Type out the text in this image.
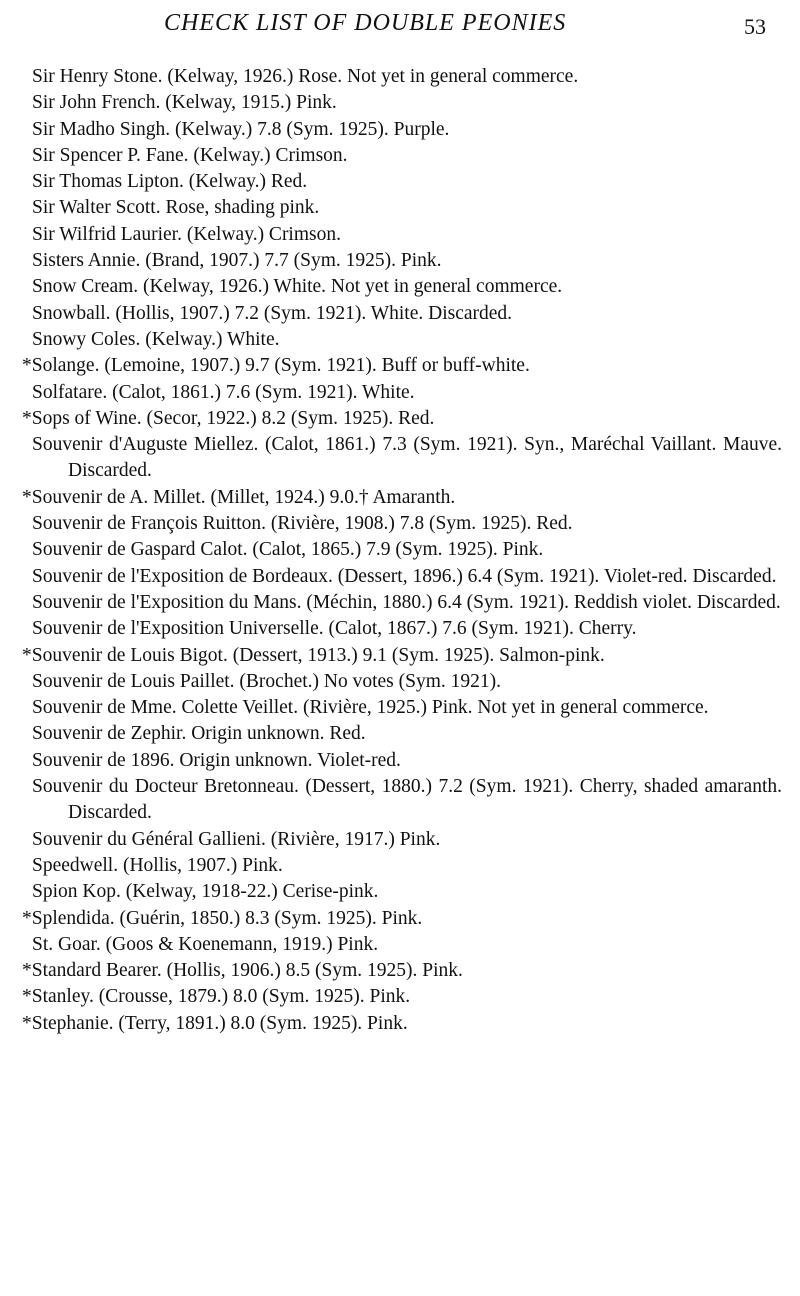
CHECK LIST OF DOUBLE PEONIES	53
Sir Henry Stone. (Kelway, 1926.) Rose. Not yet in general commerce.
Sir John French. (Kelway, 1915.) Pink.
Sir Madho Singh. (Kelway.) 7.8 (Sym. 1925). Purple.
Sir Spencer P. Fane. (Kelway.) Crimson.
Sir Thomas Lipton. (Kelway.) Red.
Sir Walter Scott. Rose, shading pink.
Sir Wilfrid Laurier. (Kelway.) Crimson.
Sisters Annie. (Brand, 1907.) 7.7 (Sym. 1925). Pink.
Snow Cream. (Kelway, 1926.) White. Not yet in general commerce.
Snowball. (Hollis, 1907.) 7.2 (Sym. 1921). White. Discarded.
Snowy Coles. (Kelway.) White.
*Solange. (Lemoine, 1907.) 9.7 (Sym. 1921). Buff or buff-white.
Solfatare. (Calot, 1861.) 7.6 (Sym. 1921). White.
*Sops of Wine. (Secor, 1922.) 8.2 (Sym. 1925). Red.
Souvenir d'Auguste Miellez. (Calot, 1861.) 7.3 (Sym. 1921). Syn., Maréchal Vaillant. Mauve. Discarded.
*Souvenir de A. Millet. (Millet, 1924.) 9.0.† Amaranth.
Souvenir de François Ruitton. (Rivière, 1908.) 7.8 (Sym. 1925). Red.
Souvenir de Gaspard Calot. (Calot, 1865.) 7.9 (Sym. 1925). Pink.
Souvenir de l'Exposition de Bordeaux. (Dessert, 1896.) 6.4 (Sym. 1921). Violet-red. Discarded.
Souvenir de l'Exposition du Mans. (Méchin, 1880.) 6.4 (Sym. 1921). Reddish violet. Discarded.
Souvenir de l'Exposition Universelle. (Calot, 1867.) 7.6 (Sym. 1921). Cherry.
*Souvenir de Louis Bigot. (Dessert, 1913.) 9.1 (Sym. 1925). Salmon-pink.
Souvenir de Louis Paillet. (Brochet.) No votes (Sym. 1921).
Souvenir de Mme. Colette Veillet. (Rivière, 1925.) Pink. Not yet in general commerce.
Souvenir de Zephir. Origin unknown. Red.
Souvenir de 1896. Origin unknown. Violet-red.
Souvenir du Docteur Bretonneau. (Dessert, 1880.) 7.2 (Sym. 1921). Cherry, shaded amaranth. Discarded.
Souvenir du Général Gallieni. (Rivière, 1917.) Pink.
Speedwell. (Hollis, 1907.) Pink.
Spion Kop. (Kelway, 1918-22.) Cerise-pink.
*Splendida. (Guérin, 1850.) 8.3 (Sym. 1925). Pink.
St. Goar. (Goos & Koenemann, 1919.) Pink.
*Standard Bearer. (Hollis, 1906.) 8.5 (Sym. 1925). Pink.
*Stanley. (Crousse, 1879.) 8.0 (Sym. 1925). Pink.
*Stephanie. (Terry, 1891.) 8.0 (Sym. 1925). Pink.
